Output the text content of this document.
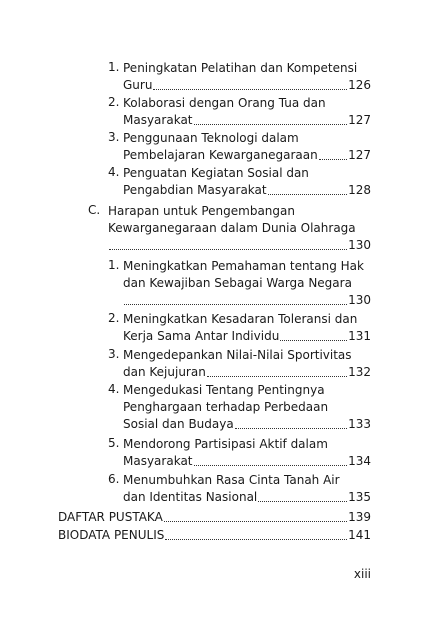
1. Peningkatan Pelatihan dan Kompetensi
Guru	126
2. Kolaborasi dengan Orang Tua dan
Masyarakat	127
3. Penggunaan Teknologi dalam
Pembelajaran Kewarganegaraan	127
4. Penguatan Kegiatan Sosial dan
Pengabdian Masyarakat	128
C. Harapan untuk Pengembangan
Kewarganegaraan dalam Dunia Olahraga
130
1. Meningkatkan Pemahaman tentang Hak
dan Kewajiban Sebagai Warga Negara
130
2. Meningkatkan Kesadaran Toleransi dan
Kerja Sama Antar Individu	131
3. Mengedepankan Nilai-Nilai Sportivitas
dan Kejujuran	132
4. Mengedukasi Tentang Pentingnya
Penghargaan terhadap Perbedaan
Sosial dan Budaya	133
5. Mendorong Partisipasi Aktif dalam
Masyarakat	134
6. Menumbuhkan Rasa Cinta Tanah Air
dan Identitas Nasional	135
DAFTAR PUSTAKA	139
BIODATA PENULIS	141
xiii
